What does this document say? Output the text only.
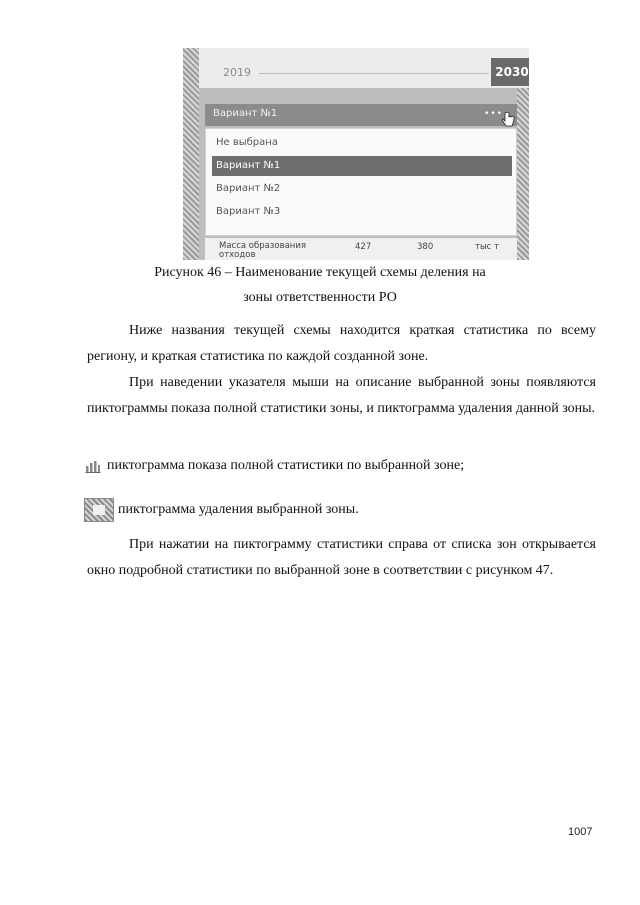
2019	2030
Вариант №1	•••
Не выбрана
Вариант №1
Вариант №2
Вариант №3
Масса образования отходов
427	380	тыс т
Рисунок 46 – Наименование текущей схемы деления на
зоны ответственности РО

Ниже названия текущей схемы находится краткая статистика по всему региону, и краткая статистика по каждой созданной зоне.

При наведении указателя мыши на описание выбранной зоны появляются пиктограммы показа полной статистики зоны, и пиктограмма удаления данной зоны.

пиктограмма показа полной статистики по выбранной зоне;
пиктограмма удаления выбранной зоны.

При нажатии на пиктограмму статистики справа от списка зон открывается окно подробной статистики по выбранной зоне в соответствии с рисунком 47.

1007
